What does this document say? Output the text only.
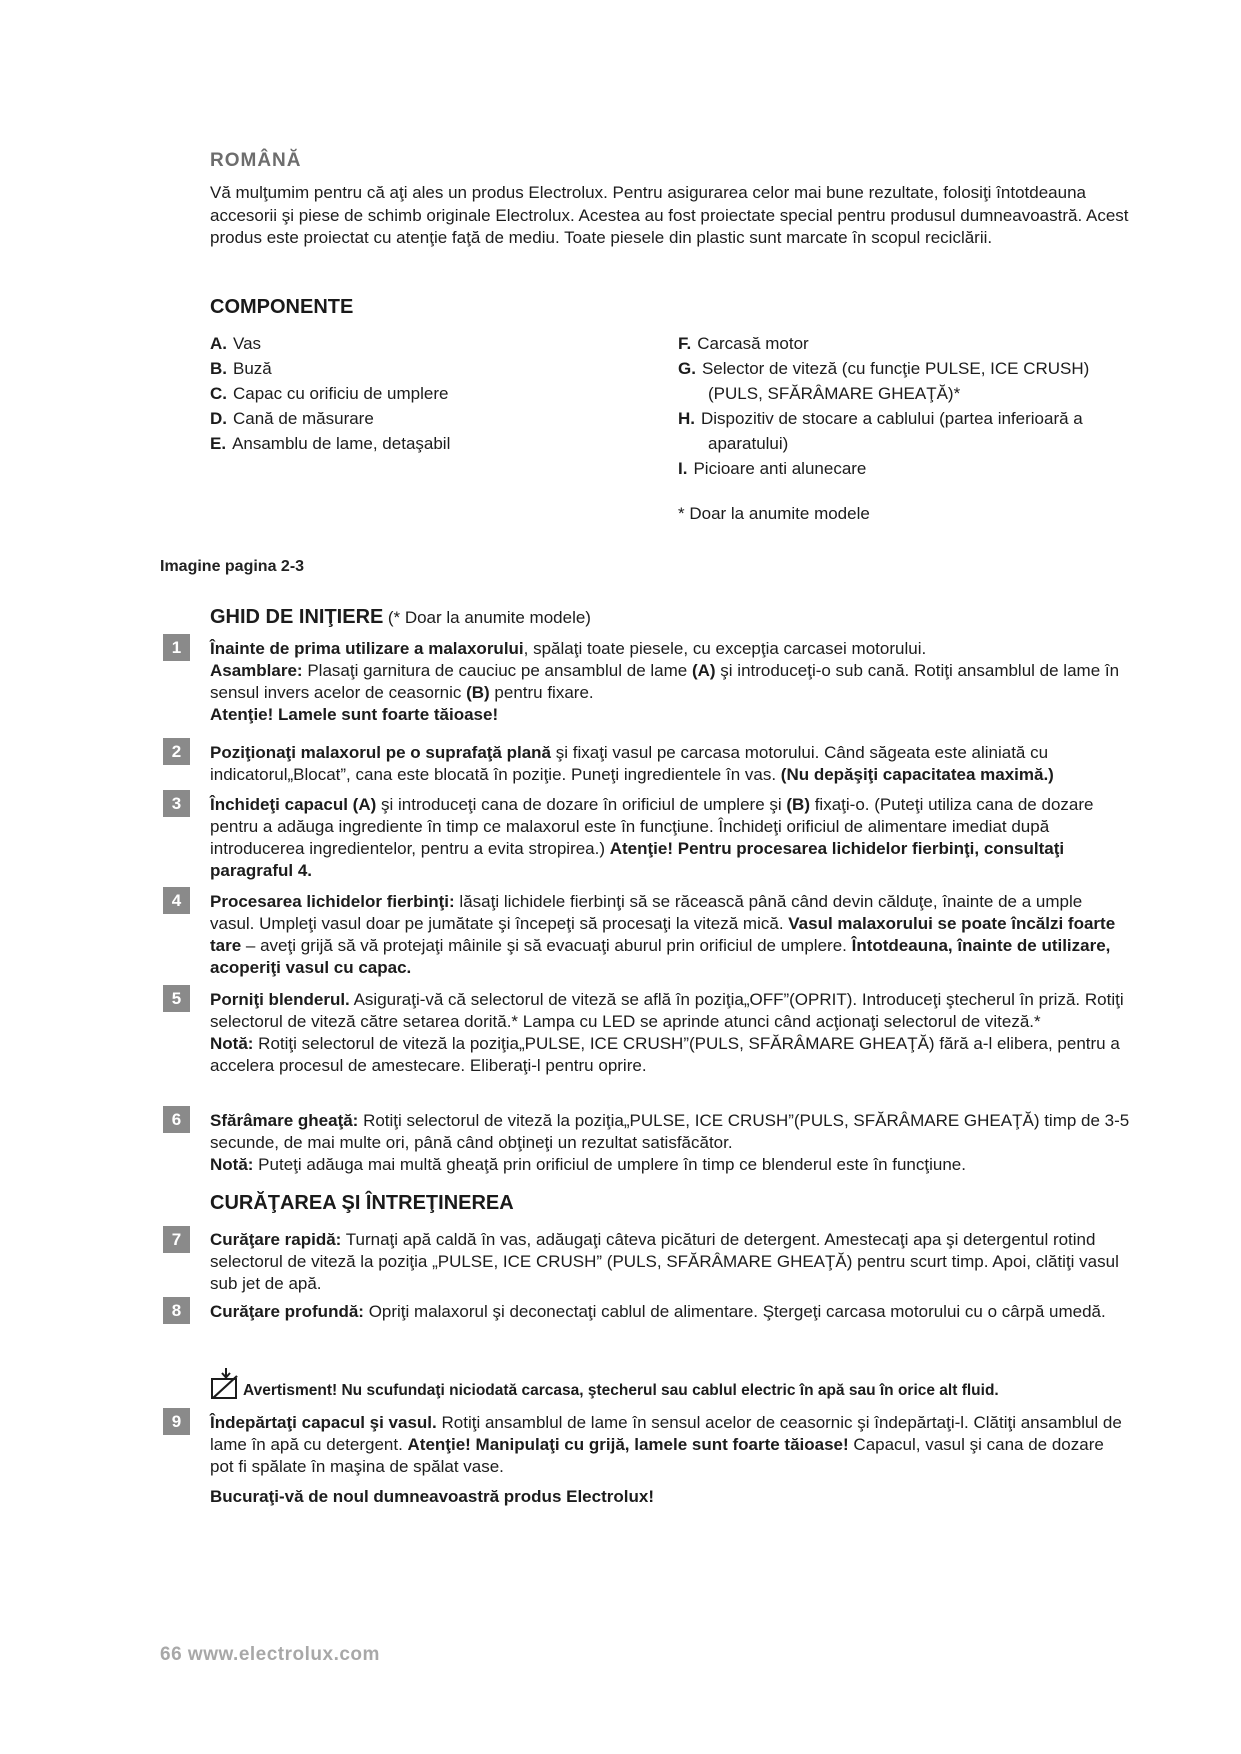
ROMÂNĂ

Vă mulţumim pentru că aţi ales un produs Electrolux. Pentru asigurarea celor mai bune rezultate, folosiţi întotdeauna accesorii şi piese de schimb originale Electrolux. Acestea au fost proiectate special pentru produsul dumneavoastră. Acest produs este proiectat cu atenţie faţă de mediu. Toate piesele din plastic sunt marcate în scopul reciclării.

COMPONENTE
A. Vas
B. Buză
C. Capac cu orificiu de umplere
D. Cană de măsurare
E. Ansamblu de lame, detaşabil
F. Carcasă motor
G. Selector de viteză (cu funcţie PULSE, ICE CRUSH)
(PULS, SFĂRÂMARE GHEAŢĂ)*
H. Dispozitiv de stocare a cablului (partea inferioară a
aparatului)
I. Picioare anti alunecare
* Doar la anumite modele
Imagine pagina 2-3
GHID DE INIŢIERE (* Doar la anumite modele)
1	Înainte de prima utilizare a malaxorului, spălaţi toate piesele, cu excepţia carcasei motorului.
Asamblare: Plasaţi garnitura de cauciuc pe ansamblul de lame (A) şi introduceţi-o sub cană. Rotiţi ansamblul de lame în sensul invers acelor de ceasornic (B) pentru fixare.
Atenţie! Lamele sunt foarte tăioase!

2	Poziţionaţi malaxorul pe o suprafaţă plană şi fixaţi vasul pe carcasa motorului. Când săgeata este aliniată cu indicatorul„Blocat”, cana este blocată în poziţie. Puneţi ingredientele în vas. (Nu depăşiţi capacitatea maximă.)

3	Închideţi capacul (A) şi introduceţi cana de dozare în orificiul de umplere şi (B) fixaţi-o. (Puteţi utiliza cana de dozare pentru a adăuga ingrediente în timp ce malaxorul este în funcţiune. Închideţi orificiul de alimentare imediat după introducerea ingredientelor, pentru a evita stropirea.) Atenţie! Pentru procesarea lichidelor fierbinţi, consultaţi paragraful 4.

4	Procesarea lichidelor fierbinţi: lăsaţi lichidele fierbinţi să se răcească până când devin călduţe, înainte de a umple vasul. Umpleţi vasul doar pe jumătate şi începeţi să procesaţi la viteză mică. Vasul malaxorului se poate încălzi foarte tare – aveţi grijă să vă protejaţi mâinile şi să evacuaţi aburul prin orificiul de umplere. Întotdeauna, înainte de utilizare, acoperiţi vasul cu capac.

5	Porniţi blenderul. Asiguraţi-vă că selectorul de viteză se află în poziţia„OFF”(OPRIT). Introduceţi ştecherul în priză. Rotiţi selectorul de viteză către setarea dorită.* Lampa cu LED se aprinde atunci când acţionaţi selectorul de viteză.*
Notă: Rotiţi selectorul de viteză la poziţia„PULSE, ICE CRUSH”(PULS, SFĂRÂMARE GHEAŢĂ) fără a-l elibera, pentru a accelera procesul de amestecare. Eliberaţi-l pentru oprire.

6	Sfărâmare gheaţă: Rotiţi selectorul de viteză la poziţia„PULSE, ICE CRUSH”(PULS, SFĂRÂMARE GHEAŢĂ) timp de 3-5 secunde, de mai multe ori, până când obţineţi un rezultat satisfăcător.
Notă: Puteţi adăuga mai multă gheaţă prin orificiul de umplere în timp ce blenderul este în funcţiune.

CURĂŢAREA ŞI ÎNTREŢINEREA
7	Curăţare rapidă: Turnaţi apă caldă în vas, adăugaţi câteva picături de detergent. Amestecaţi apa şi detergentul rotind selectorul de viteză la poziţia „PULSE, ICE CRUSH” (PULS, SFĂRÂMARE GHEAŢĂ) pentru scurt timp. Apoi, clătiţi vasul sub jet de apă.

8	Curăţare profundă: Opriţi malaxorul şi deconectaţi cablul de alimentare. Ştergeţi carcasa motorului cu o cârpă umedă.

Avertisment! Nu scufundaţi niciodată carcasa, ştecherul sau cablul electric în apă sau în orice alt fluid.
9	Îndepărtaţi capacul şi vasul. Rotiţi ansamblul de lame în sensul acelor de ceasornic şi îndepărtaţi-l. Clătiţi ansamblul de lame în apă cu detergent. Atenţie! Manipulaţi cu grijă, lamele sunt foarte tăioase! Capacul, vasul şi cana de dozare pot fi spălate în maşina de spălat vase.

Bucuraţi-vă de noul dumneavoastră produs Electrolux!
66 www.electrolux.com
